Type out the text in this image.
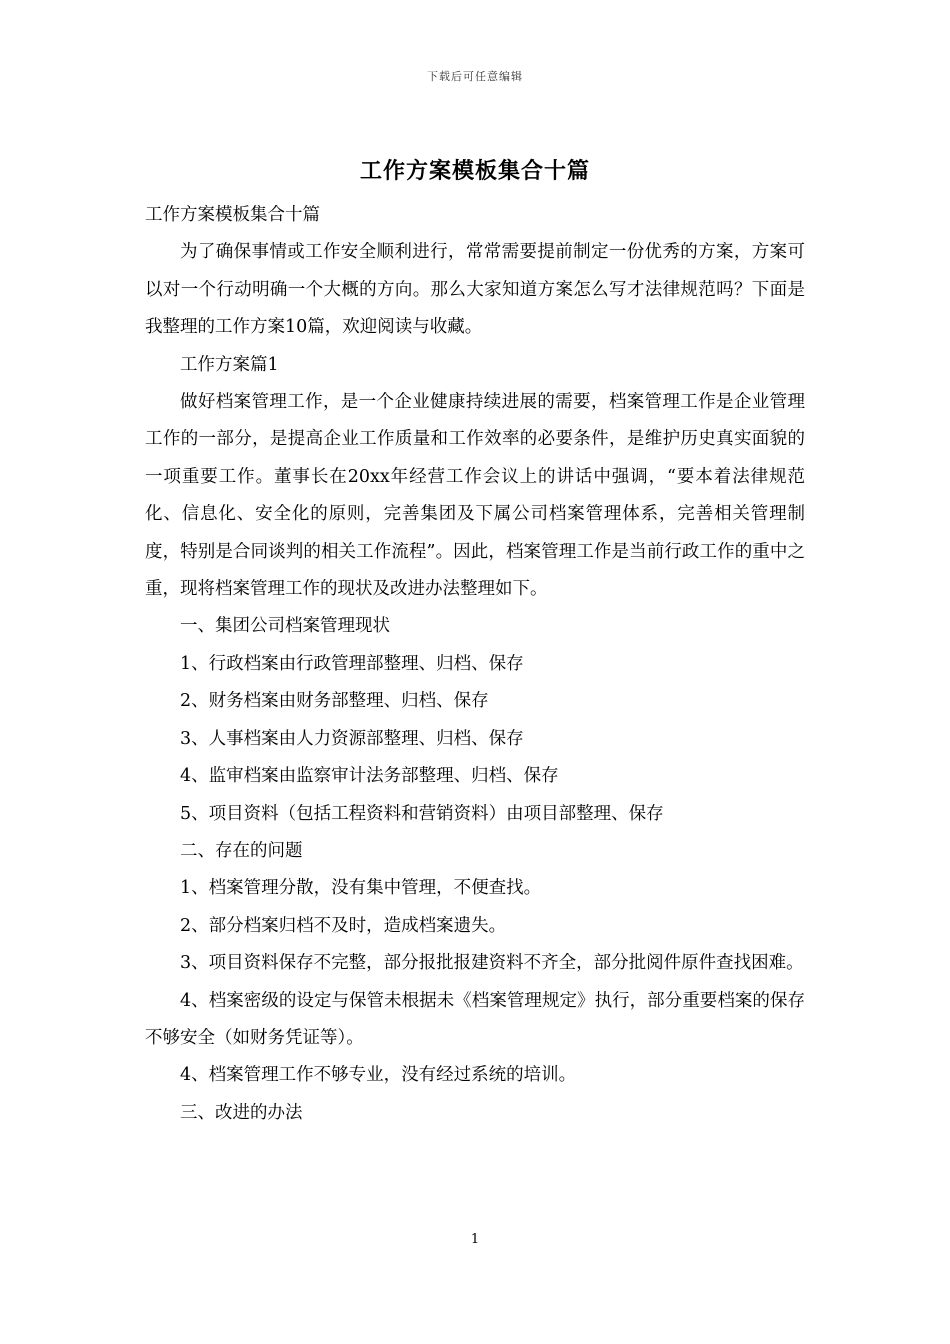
下载后可任意编辑
工作方案模板集合十篇

工作方案模板集合十篇

为了确保事情或工作安全顺利进行，常常需要提前制定一份优秀的方案，方案可以对一个行动明确一个大概的方向。那么大家知道方案怎么写才法律规范吗？下面是我整理的工作方案10篇，欢迎阅读与收藏。

工作方案篇1

做好档案管理工作，是一个企业健康持续进展的需要，档案管理工作是企业管理工作的一部分，是提高企业工作质量和工作效率的必要条件，是维护历史真实面貌的一项重要工作。董事长在20xx年经营工作会议上的讲话中强调，“要本着法律规范化、信息化、安全化的原则，完善集团及下属公司档案管理体系，完善相关管理制度，特别是合同谈判的相关工作流程”。因此，档案管理工作是当前行政工作的重中之重，现将档案管理工作的现状及改进办法整理如下。

一、集团公司档案管理现状

1、行政档案由行政管理部整理、归档、保存

2、财务档案由财务部整理、归档、保存

3、人事档案由人力资源部整理、归档、保存

4、监审档案由监察审计法务部整理、归档、保存

5、项目资料（包括工程资料和营销资料）由项目部整理、保存

二、存在的问题

1、档案管理分散，没有集中管理，不便查找。

2、部分档案归档不及时，造成档案遗失。

3、项目资料保存不完整，部分报批报建资料不齐全，部分批阅件原件查找困难。

4、档案密级的设定与保管未根据未《档案管理规定》执行，部分重要档案的保存不够安全（如财务凭证等）。

4、档案管理工作不够专业，没有经过系统的培训。

三、改进的办法

1
